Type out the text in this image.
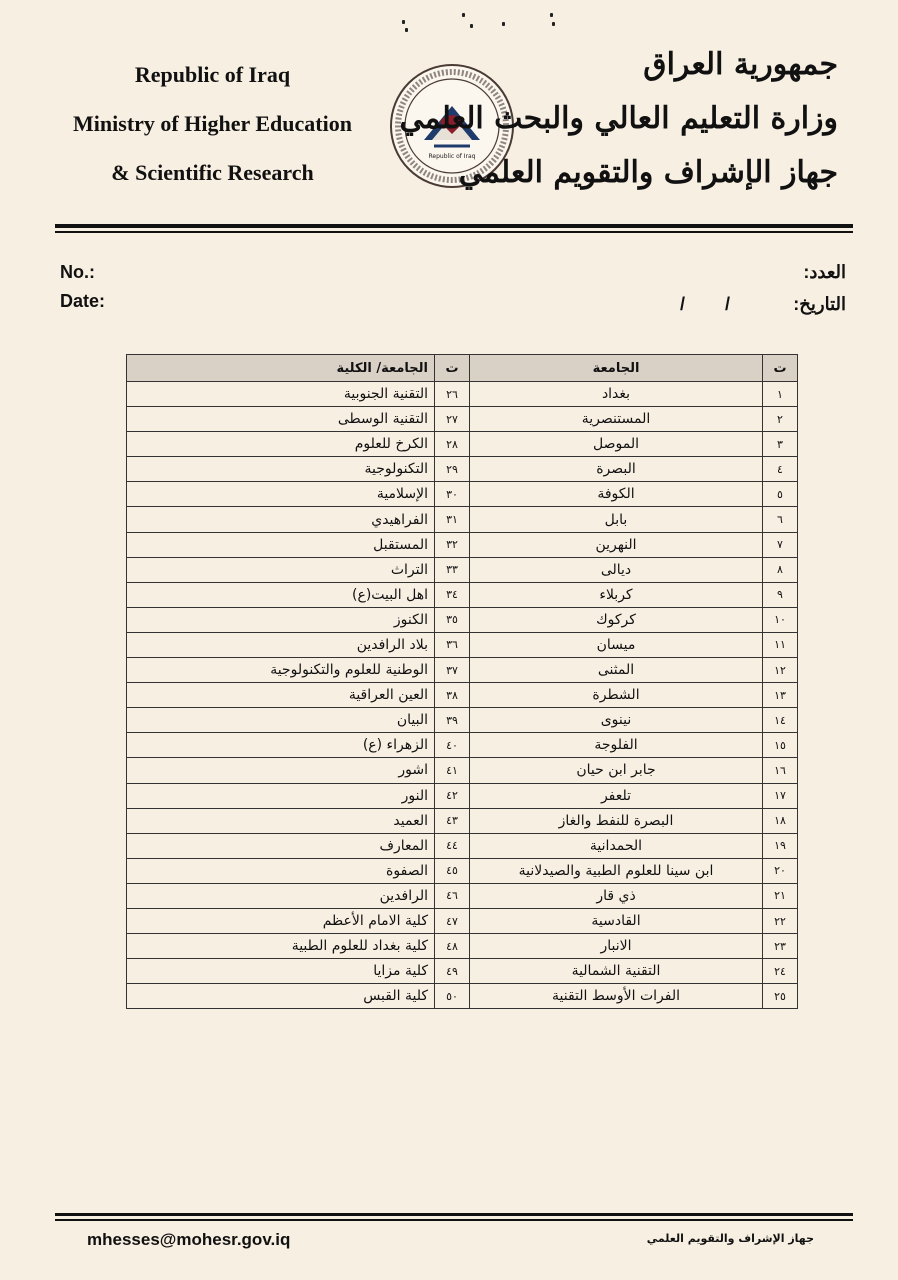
Republic of Iraq
Ministry of Higher Education
& Scientific Research
Republic of Iraq
جمهورية العراق
وزارة التعليم العالي والبحث العلمي
جهاز الإشراف والتقويم العلمي
No.:
Date:
العدد:
التاريخ:
/        /
ت	الجامعة	ت	الجامعة/ الكلية
١	بغداد	٢٦	التقنية الجنوبية
٢	المستنصرية	٢٧	التقنية الوسطى
٣	الموصل	٢٨	الكرخ للعلوم
٤	البصرة	٢٩	التكنولوجية
٥	الكوفة	٣٠	الإسلامية
٦	بابل	٣١	الفراهيدي
٧	النهرين	٣٢	المستقبل
٨	ديالى	٣٣	التراث
٩	كربلاء	٣٤	اهل البيت(ع)
١٠	كركوك	٣٥	الكنوز
١١	ميسان	٣٦	بلاد الرافدين
١٢	المثنى	٣٧	الوطنية للعلوم والتكنولوجية
١٣	الشطرة	٣٨	العين العراقية
١٤	نينوى	٣٩	البيان
١٥	الفلوجة	٤٠	الزهراء (ع)
١٦	جابر ابن حيان	٤١	اشور
١٧	تلعفر	٤٢	النور
١٨	البصرة للنفط والغاز	٤٣	العميد
١٩	الحمدانية	٤٤	المعارف
٢٠	ابن سينا للعلوم الطبية والصيدلانية	٤٥	الصفوة
٢١	ذي قار	٤٦	الرافدين
٢٢	القادسية	٤٧	كلية الامام الأعظم
٢٣	الانبار	٤٨	كلية بغداد للعلوم الطبية
٢٤	التقنية الشمالية	٤٩	كلية مزايا
٢٥	الفرات الأوسط التقنية	٥٠	كلية القبس
mhesses@mohesr.gov.iq	جهاز الإشراف والتقويم العلمي
